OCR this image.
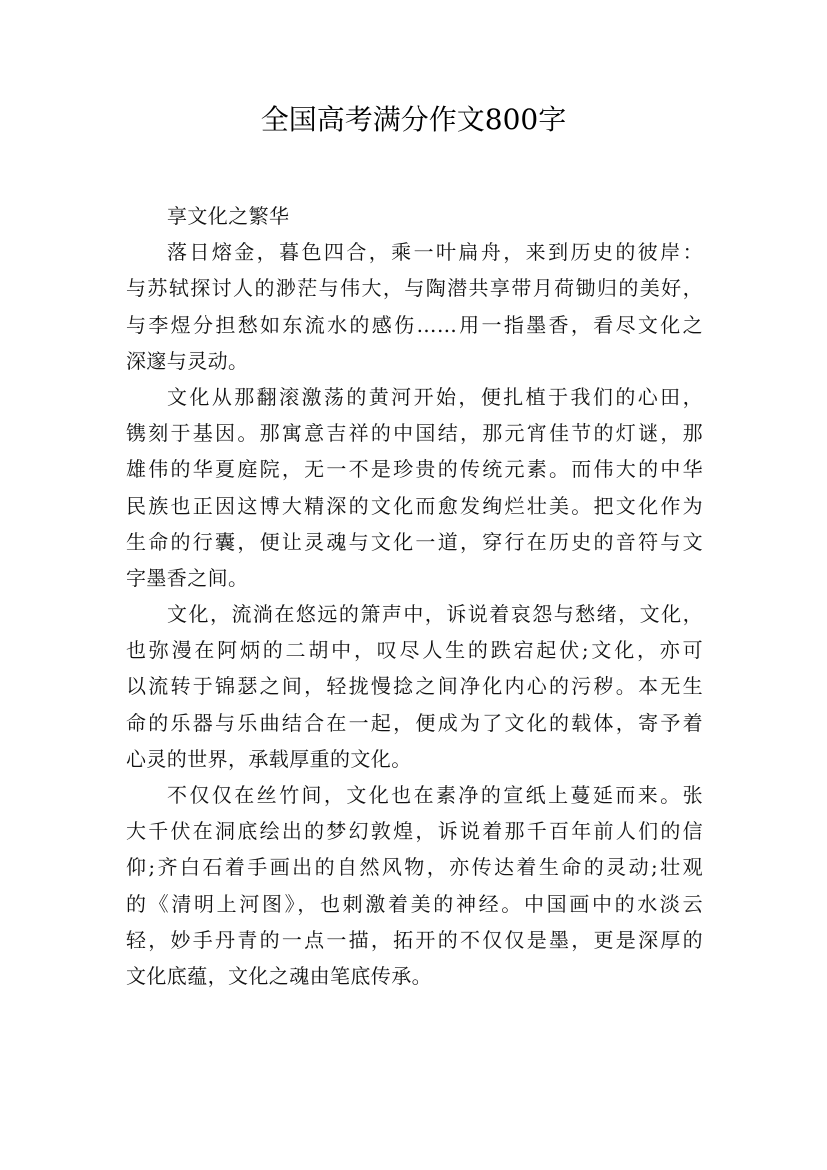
全国高考满分作文800字
享文化之繁华
落日熔金，暮色四合，乘一叶扁舟，来到历史的彼岸：
与苏轼探讨人的渺茫与伟大，与陶潜共享带月荷锄归的美好，
与李煜分担愁如东流水的感伤……用一指墨香，看尽文化之
深邃与灵动。
文化从那翻滚激荡的黄河开始，便扎植于我们的心田，
镌刻于基因。那寓意吉祥的中国结，那元宵佳节的灯谜，那
雄伟的华夏庭院，无一不是珍贵的传统元素。而伟大的中华
民族也正因这博大精深的文化而愈发绚烂壮美。把文化作为
生命的行囊，便让灵魂与文化一道，穿行在历史的音符与文
字墨香之间。
文化，流淌在悠远的箫声中，诉说着哀怨与愁绪，文化，
也弥漫在阿炳的二胡中，叹尽人生的跌宕起伏;文化，亦可
以流转于锦瑟之间，轻拢慢捻之间净化内心的污秽。本无生
命的乐器与乐曲结合在一起，便成为了文化的载体，寄予着
心灵的世界，承载厚重的文化。
不仅仅在丝竹间，文化也在素净的宣纸上蔓延而来。张
大千伏在洞底绘出的梦幻敦煌，诉说着那千百年前人们的信
仰;齐白石着手画出的自然风物，亦传达着生命的灵动;壮观
的《清明上河图》，也刺激着美的神经。中国画中的水淡云
轻，妙手丹青的一点一描，拓开的不仅仅是墨，更是深厚的
文化底蕴，文化之魂由笔底传承。
